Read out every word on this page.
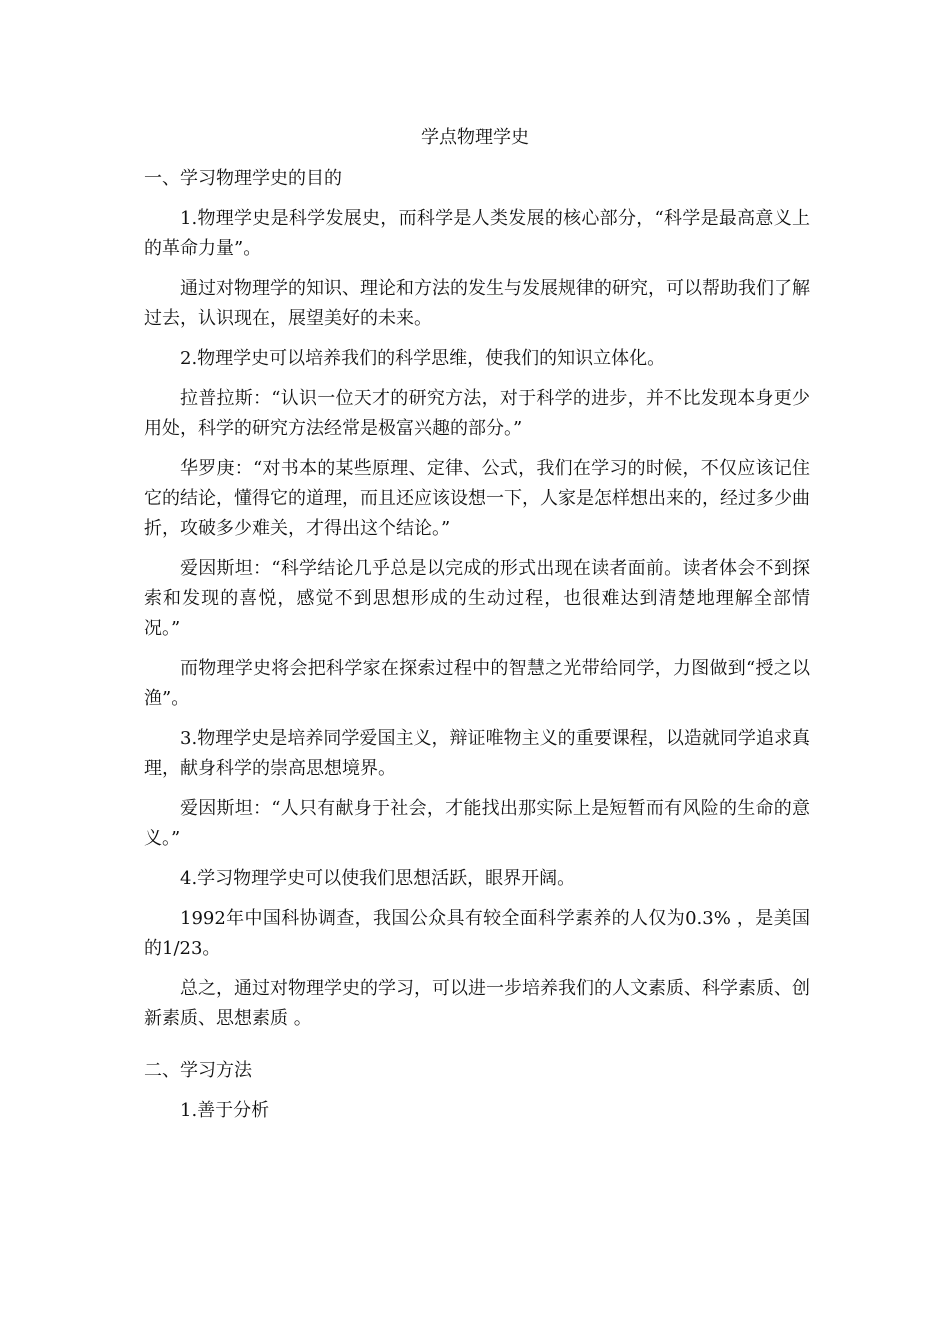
学点物理学史
一、学习物理学史的目的

1.物理学史是科学发展史，而科学是人类发展的核心部分，“科学是最高意义上的革命力量”。

通过对物理学的知识、理论和方法的发生与发展规律的研究，可以帮助我们了解过去，认识现在，展望美好的未来。

2.物理学史可以培养我们的科学思维，使我们的知识立体化。

拉普拉斯：“认识一位天才的研究方法，对于科学的进步，并不比发现本身更少用处，科学的研究方法经常是极富兴趣的部分。”

华罗庚：“对书本的某些原理、定律、公式，我们在学习的时候，不仅应该记住它的结论，懂得它的道理，而且还应该设想一下，人家是怎样想出来的，经过多少曲折，攻破多少难关，才得出这个结论。”

爱因斯坦：“科学结论几乎总是以完成的形式出现在读者面前。读者体会不到探索和发现的喜悦，感觉不到思想形成的生动过程，也很难达到清楚地理解全部情况。”

而物理学史将会把科学家在探索过程中的智慧之光带给同学，力图做到“授之以渔”。

3.物理学史是培养同学爱国主义，辩证唯物主义的重要课程，以造就同学追求真理，献身科学的崇高思想境界。

爱因斯坦：“人只有献身于社会，才能找出那实际上是短暂而有风险的生命的意义。”

4.学习物理学史可以使我们思想活跃，眼界开阔。

1992年中国科协调查，我国公众具有较全面科学素养的人仅为0.3% ，是美国的1/23。

总之，通过对物理学史的学习，可以进一步培养我们的人文素质、科学素质、创新素质、思想素质 。

二、学习方法

1.善于分析
